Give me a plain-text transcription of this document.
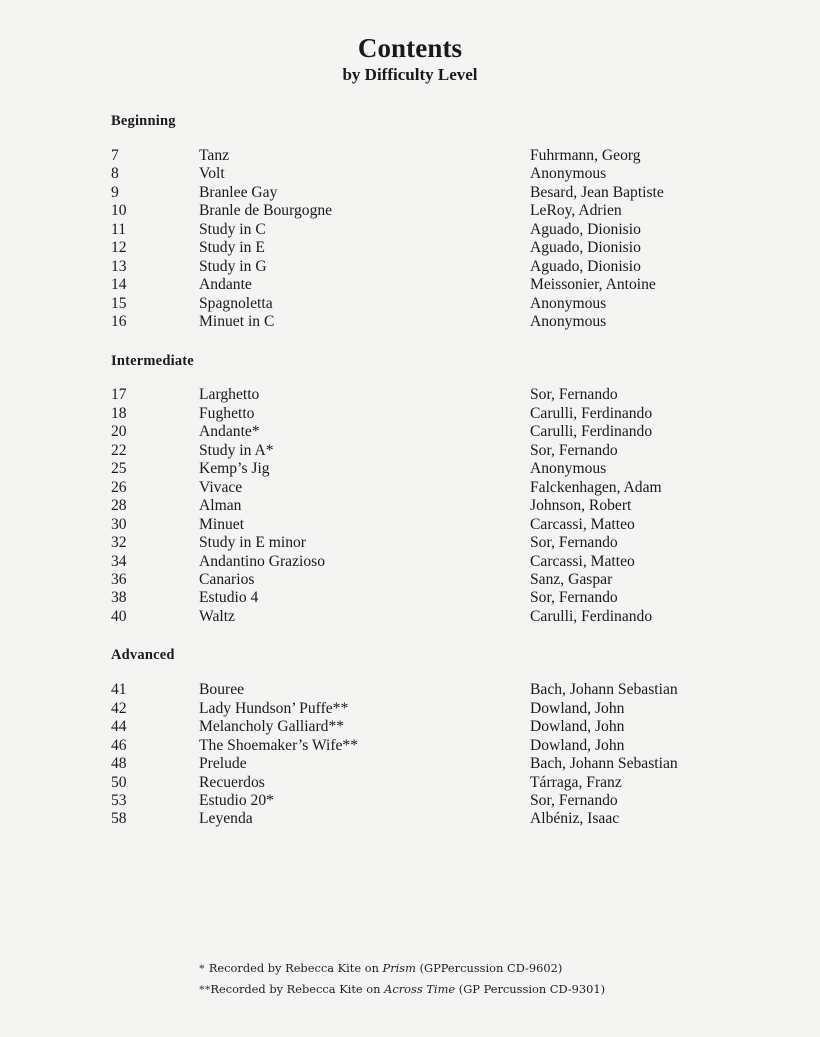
Contents
by Difficulty Level
Beginning
7	Tanz	Fuhrmann, Georg
8	Volt	Anonymous
9	Branlee Gay	Besard, Jean Baptiste
10	Branle de Bourgogne	LeRoy, Adrien
11	Study in C	Aguado, Dionisio
12	Study in E	Aguado, Dionisio
13	Study in G	Aguado, Dionisio
14	Andante	Meissonier, Antoine
15	Spagnoletta	Anonymous
16	Minuet in C	Anonymous
Intermediate
17	Larghetto	Sor, Fernando
18	Fughetto	Carulli, Ferdinando
20	Andante*	Carulli, Ferdinando
22	Study in A*	Sor, Fernando
25	Kemp’s Jig	Anonymous
26	Vivace	Falckenhagen, Adam
28	Alman	Johnson, Robert
30	Minuet	Carcassi, Matteo
32	Study in E minor	Sor, Fernando
34	Andantino Grazioso	Carcassi, Matteo
36	Canarios	Sanz, Gaspar
38	Estudio 4	Sor, Fernando
40	Waltz	Carulli, Ferdinando
Advanced
41	Bouree	Bach, Johann Sebastian
42	Lady Hundson’ Puffe**	Dowland, John
44	Melancholy Galliard**	Dowland, John
46	The Shoemaker’s Wife**	Dowland, John
48	Prelude	Bach, Johann Sebastian
50	Recuerdos	Tárraga, Franz
53	Estudio 20*	Sor, Fernando
58	Leyenda	Albéniz, Isaac
* Recorded by Rebecca Kite on Prism (GPPercussion CD-9602)
**Recorded by Rebecca Kite on Across Time (GP Percussion CD-9301)
